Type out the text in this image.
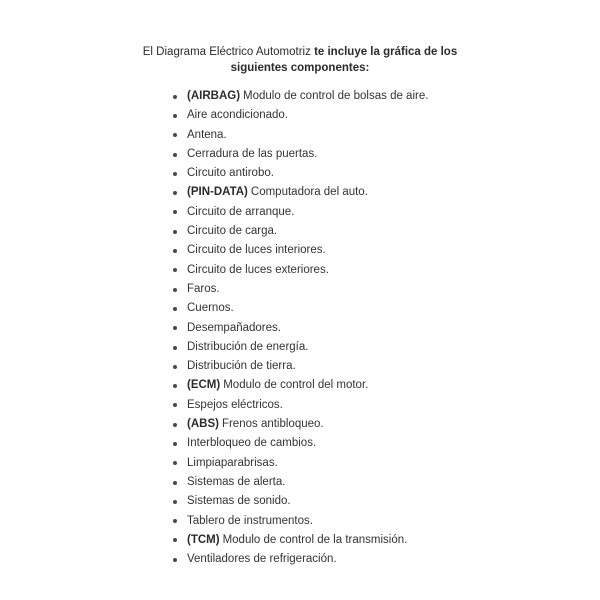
El Diagrama Eléctrico Automotriz te incluye la gráfica de los siguientes componentes:
(AIRBAG) Modulo de control de bolsas de aire.
Aire acondicionado.
Antena.
Cerradura de las puertas.
Circuito antirobo.
(PIN-DATA) Computadora del auto.
Circuito de arranque.
Circuito de carga.
Circuito de luces interiores.
Circuito de luces exteriores.
Faros.
Cuernos.
Desempañadores.
Distribución de energía.
Distribución de tierra.
(ECM) Modulo de control del motor.
Espejos eléctricos.
(ABS) Frenos antibloqueo.
Interbloqueo de cambios.
Limpiaparabrisas.
Sistemas de alerta.
Sistemas de sonido.
Tablero de instrumentos.
(TCM) Modulo de control de la transmisión.
Ventiladores de refrigeración.
